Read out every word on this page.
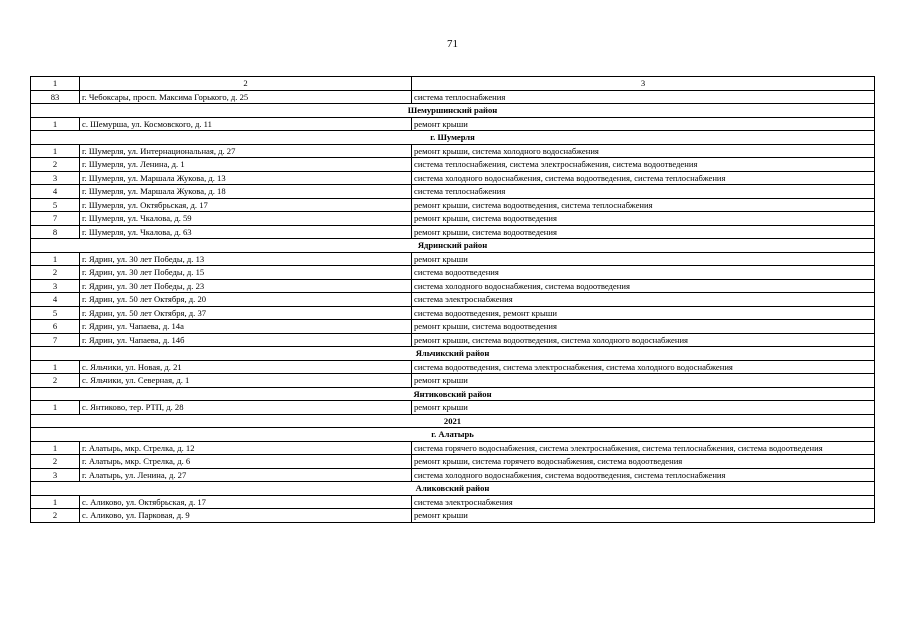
71
1	2	3
83	г. Чебоксары, просп. Максима Горького, д. 25	система теплоснабжения
Шемуршинский район		
1	с. Шемурша, ул. Космовского, д. 11	ремонт крыши
г. Шумерля		
1	г. Шумерля, ул. Интернациональная, д. 27	ремонт крыши, система холодного водоснабжения
2	г. Шумерля, ул. Ленина, д. 1	система теплоснабжения, система электроснабжения, система водоотведения
3	г. Шумерля, ул. Маршала Жукова, д. 13	система холодного водоснабжения, система водоотведения, система теплоснабжения
4	г. Шумерля, ул. Маршала Жукова, д. 18	система теплоснабжения
5	г. Шумерля, ул. Октябрьская, д. 17	ремонт крыши, система водоотведения, система теплоснабжения
7	г. Шумерля, ул. Чкалова, д. 59	ремонт крыши, система водоотведения
8	г. Шумерля, ул. Чкалова, д. 63	ремонт крыши, система водоотведения
Ядринский район		
1	г. Ядрин, ул. 30 лет Победы, д. 13	ремонт крыши
2	г. Ядрин, ул. 30 лет Победы, д. 15	система водоотведения
3	г. Ядрин, ул. 30 лет Победы, д. 23	система холодного водоснабжения, система водоотведения
4	г. Ядрин, ул. 50 лет Октября, д. 20	система электроснабжения
5	г. Ядрин, ул. 50 лет Октября, д. 37	система водоотведения, ремонт крыши
6	г. Ядрин, ул. Чапаева, д. 14а	ремонт крыши, система водоотведения
7	г. Ядрин, ул. Чапаева, д. 14б	ремонт крыши, система водоотведения, система холодного водоснабжения
Яльчикский район		
1	с. Яльчики, ул. Новая, д. 21	система водоотведения, система электроснабжения, система холодного водоснабжения
2	с. Яльчики, ул. Северная, д. 1	ремонт крыши
Янтиковский район		
1	с. Янтиково, тер. РТП, д. 28	ремонт крыши
2021		
г. Алатырь		
1	г. Алатырь, мкр. Стрелка, д. 12	система горячего водоснабжения, система электроснабжения, система теплоснабжения, система водоотведения
2	г. Алатырь, мкр. Стрелка, д. 6	ремонт крыши, система горячего водоснабжения, система водоотведения
3	г. Алатырь, ул. Ленина, д. 27	система холодного водоснабжения, система водоотведения, система теплоснабжения
Аликовский район		
1	с. Аликово, ул. Октябрьская, д. 17	система электроснабжения
2	с. Аликово, ул. Парковая, д. 9	ремонт крыши
